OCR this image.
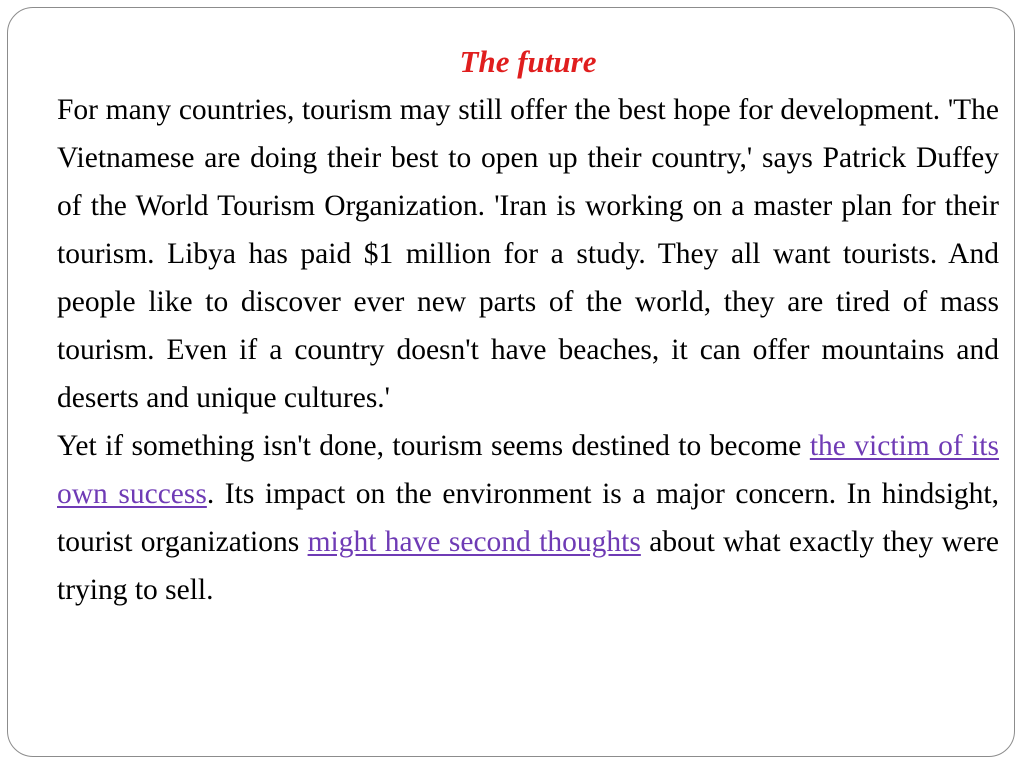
The future

For many countries, tourism may still offer the best hope for development. 'The Vietnamese are doing their best to open up their country,' says Patrick Duffey of the World Tourism Organization. 'Iran is working on a master plan for their tourism. Libya has paid $1 million for a study. They all want tourists. And people like to discover ever new parts of the world, they are tired of mass tourism. Even if a country doesn't have beaches, it can offer mountains and deserts and unique cultures.'

Yet if something isn't done, tourism seems destined to become the victim of its own success. Its impact on the environment is a major concern. In hindsight, tourist organizations might have second thoughts about what exactly they were trying to sell.
